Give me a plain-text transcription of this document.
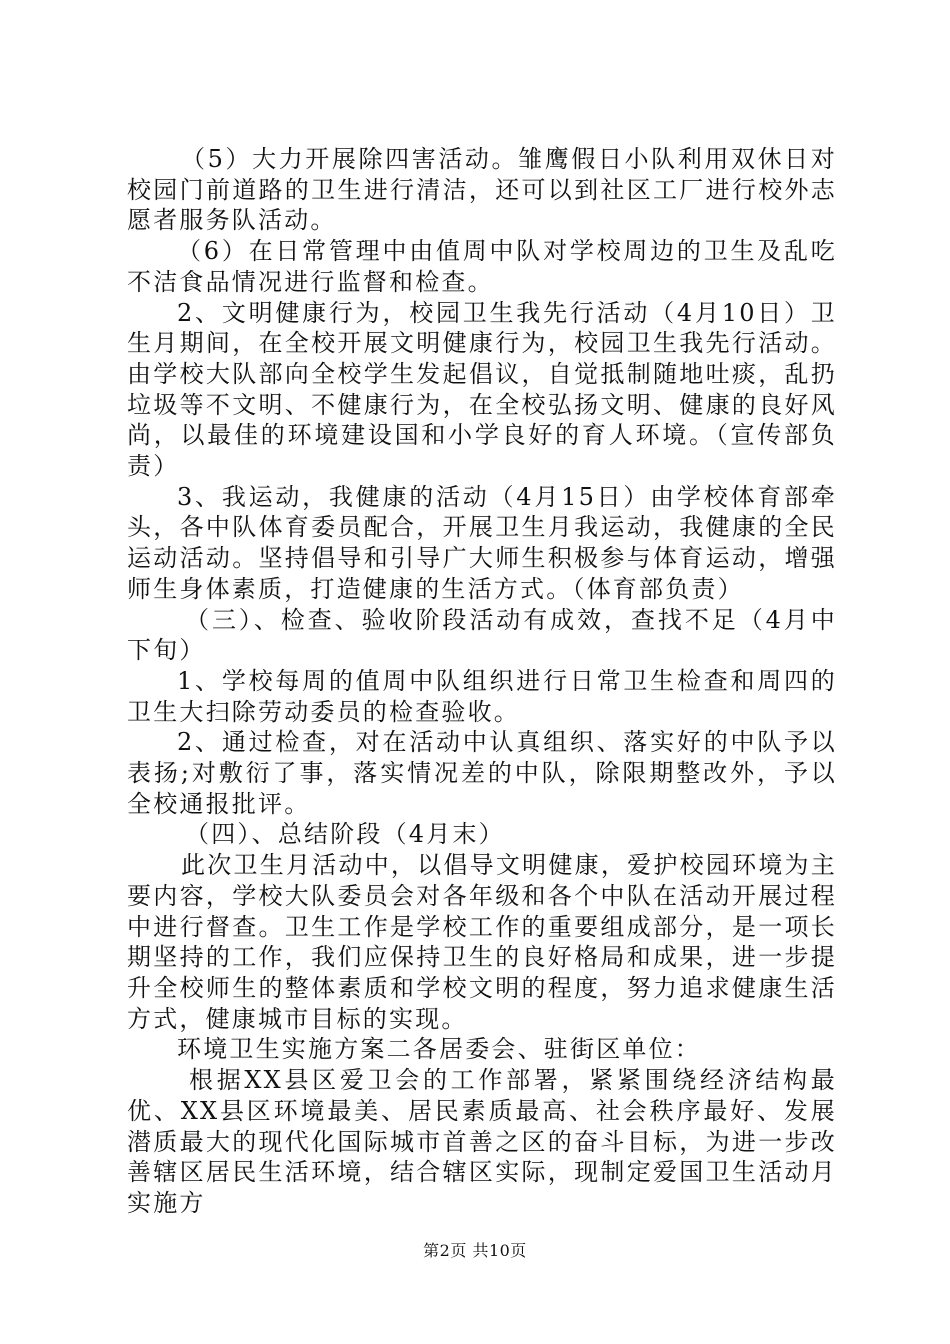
（5）大力开展除四害活动。雏鹰假日小队利用双休日对校园门前道路的卫生进行清洁，还可以到社区工厂进行校外志愿者服务队活动。

（6）在日常管理中由值周中队对学校周边的卫生及乱吃不洁食品情况进行监督和检查。

2、文明健康行为，校园卫生我先行活动（4月10日）卫生月期间，在全校开展文明健康行为，校园卫生我先行活动。由学校大队部向全校学生发起倡议，自觉抵制随地吐痰，乱扔垃圾等不文明、不健康行为，在全校弘扬文明、健康的良好风尚，以最佳的环境建设国和小学良好的育人环境。（宣传部负责）

3、我运动，我健康的活动（4月15日）由学校体育部牵头，各中队体育委员配合，开展卫生月我运动，我健康的全民运动活动。坚持倡导和引导广大师生积极参与体育运动，增强师生身体素质，打造健康的生活方式。（体育部负责）

（三）、检查、验收阶段活动有成效，查找不足（4月中下旬）

1、学校每周的值周中队组织进行日常卫生检查和周四的卫生大扫除劳动委员的检查验收。

2、通过检查，对在活动中认真组织、落实好的中队予以表扬;对敷衍了事，落实情况差的中队，除限期整改外，予以全校通报批评。

（四）、总结阶段（4月末）

此次卫生月活动中，以倡导文明健康，爱护校园环境为主要内容，学校大队委员会对各年级和各个中队在活动开展过程中进行督查。卫生工作是学校工作的重要组成部分，是一项长期坚持的工作，我们应保持卫生的良好格局和成果，进一步提升全校师生的整体素质和学校文明的程度，努力追求健康生活方式，健康城市目标的实现。

环境卫生实施方案二各居委会、驻街区单位：

根据XX县区爱卫会的工作部署，紧紧围绕经济结构最优、XX县区环境最美、居民素质最高、社会秩序最好、发展潜质最大的现代化国际城市首善之区的奋斗目标，为进一步改善辖区居民生活环境，结合辖区实际，现制定爱国卫生活动月实施方

第2页 共10页
